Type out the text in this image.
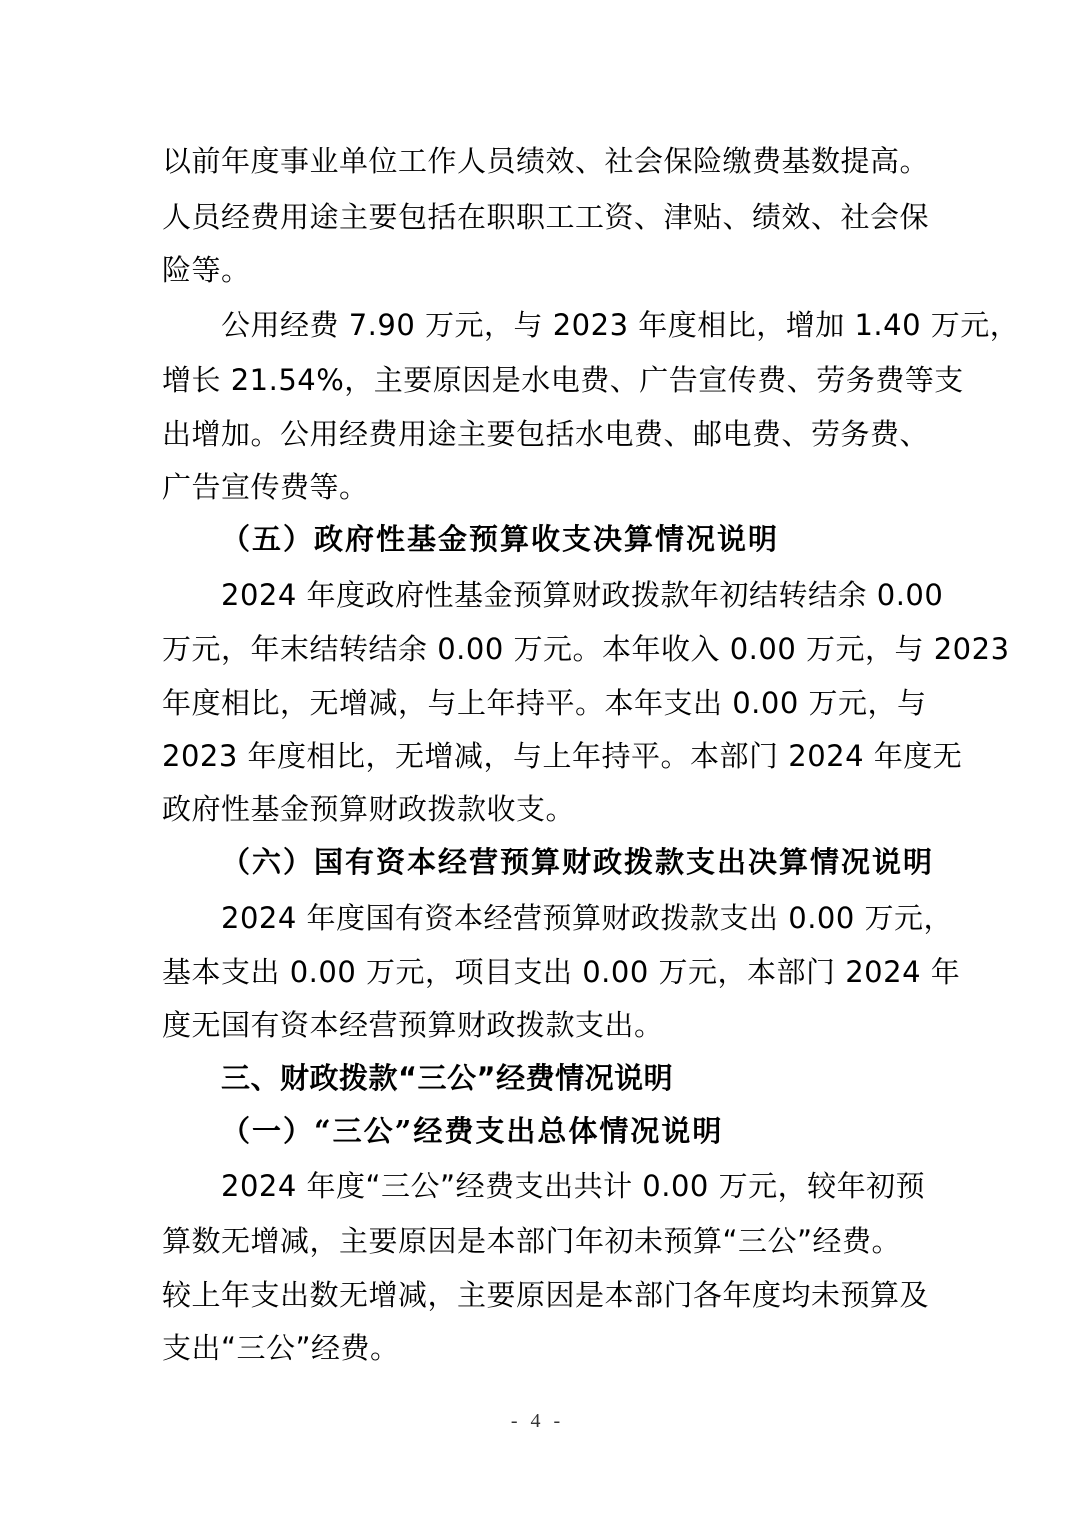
以前年度事业单位工作人员绩效、社会保险缴费基数提高。
人员经费用途主要包括在职职工工资、津贴、绩效、社会保
险等。
公用经费 7.90 万元，与 2023 年度相比，增加 1.40 万元，
增长 21.54%，主要原因是水电费、广告宣传费、劳务费等支
出增加。公用经费用途主要包括水电费、邮电费、劳务费、
广告宣传费等。
（五）政府性基金预算收支决算情况说明
2024 年度政府性基金预算财政拨款年初结转结余 0.00
万元，年末结转结余 0.00 万元。本年收入 0.00 万元，与 2023
年度相比，无增减，与上年持平。本年支出 0.00 万元，与
2023 年度相比，无增减，与上年持平。本部门 2024 年度无
政府性基金预算财政拨款收支。
（六）国有资本经营预算财政拨款支出决算情况说明
2024 年度国有资本经营预算财政拨款支出 0.00 万元，
基本支出 0.00 万元，项目支出 0.00 万元，本部门 2024 年
度无国有资本经营预算财政拨款支出。
三、财政拨款“三公”经费情况说明
（一）“三公”经费支出总体情况说明
2024 年度“三公”经费支出共计 0.00 万元，较年初预
算数无增减，主要原因是本部门年初未预算“三公”经费。
较上年支出数无增减，主要原因是本部门各年度均未预算及
支出“三公”经费。
- 4 -
